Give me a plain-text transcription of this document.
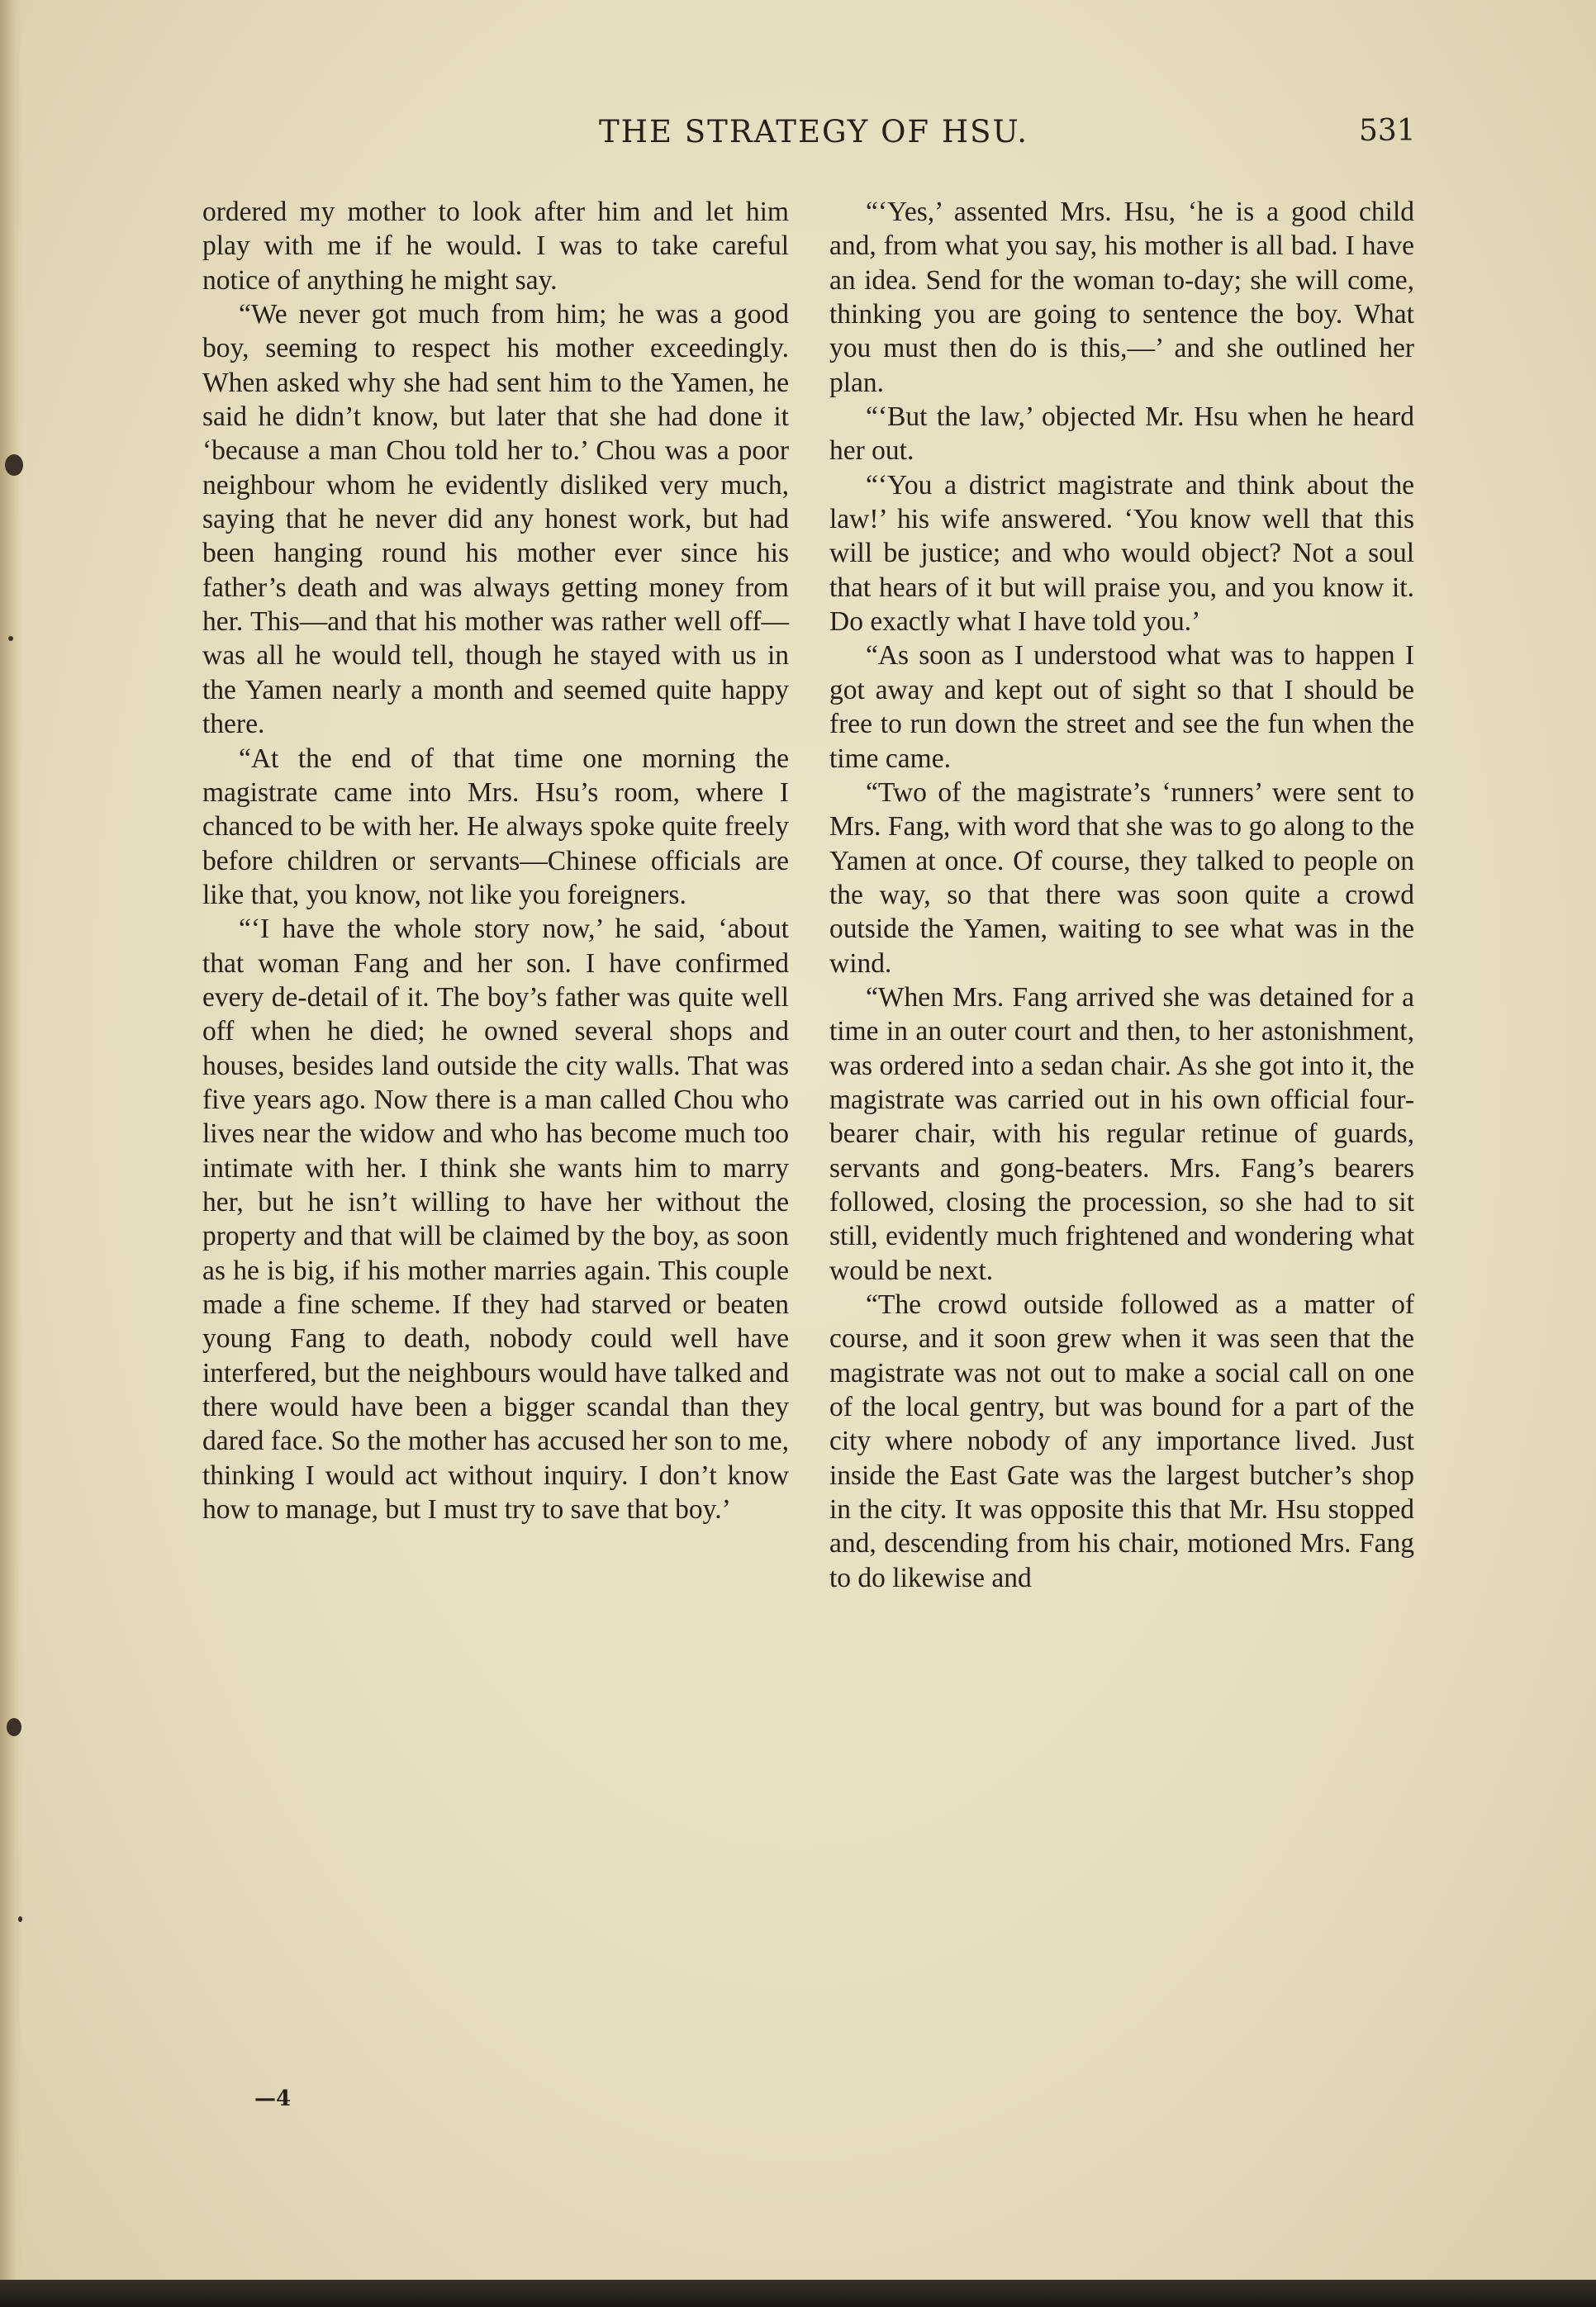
THE STRATEGY OF HSU.	531

ordered my mother to look after him and let him play with me if he would. I was to take careful notice of anything he might say.

“We never got much from him; he was a good boy, seeming to respect his mother exceedingly. When asked why she had sent him to the Yamen, he said he didn’t know, but later that she had done it ‘because a man Chou told her to.’ Chou was a poor neighbour whom he evidently disliked very much, saying that he never did any honest work, but had been hanging round his mother ever since his father’s death and was always getting money from her. This—and that his mother was rather well off—was all he would tell, though he stayed with us in the Yamen nearly a month and seemed quite happy there.

“At the end of that time one morning the magistrate came into Mrs. Hsu’s room, where I chanced to be with her. He always spoke quite freely before children or servants—Chinese officials are like that, you know, not like you foreigners.

“‘I have the whole story now,’ he said, ‘about that woman Fang and her son. I have confirmed every de-detail of it. The boy’s father was quite well off when he died; he owned several shops and houses, besides land outside the city walls. That was five years ago. Now there is a man called Chou who lives near the widow and who has become much too intimate with her. I think she wants him to marry her, but he isn’t willing to have her without the property and that will be claimed by the boy, as soon as he is big, if his mother marries again. This couple made a fine scheme. If they had starved or beaten young Fang to death, nobody could well have interfered, but the neighbours would have talked and there would have been a bigger scandal than they dared face. So the mother has accused her son to me, thinking I would act without inquiry. I don’t know how to manage, but I must try to save that boy.’

—4

“‘Yes,’ assented Mrs. Hsu, ‘he is a good child and, from what you say, his mother is all bad. I have an idea. Send for the woman to-day; she will come, thinking you are going to sentence the boy. What you must then do is this,—’ and she outlined her plan.

“‘But the law,’ objected Mr. Hsu when he heard her out.

“‘You a district magistrate and think about the law!’ his wife answered. ‘You know well that this will be justice; and who would object? Not a soul that hears of it but will praise you, and you know it. Do exactly what I have told you.’

“As soon as I understood what was to happen I got away and kept out of sight so that I should be free to run down the street and see the fun when the time came.

“Two of the magistrate’s ‘runners’ were sent to Mrs. Fang, with word that she was to go along to the Yamen at once. Of course, they talked to people on the way, so that there was soon quite a crowd outside the Yamen, waiting to see what was in the wind.

“When Mrs. Fang arrived she was detained for a time in an outer court and then, to her astonishment, was ordered into a sedan chair. As she got into it, the magistrate was carried out in his own official four-bearer chair, with his regular retinue of guards, servants and gong-beaters. Mrs. Fang’s bearers followed, closing the procession, so she had to sit still, evidently much frightened and wondering what would be next.

“The crowd outside followed as a matter of course, and it soon grew when it was seen that the magistrate was not out to make a social call on one of the local gentry, but was bound for a part of the city where nobody of any importance lived. Just inside the East Gate was the largest butcher’s shop in the city. It was opposite this that Mr. Hsu stopped and, descending from his chair, motioned Mrs. Fang to do likewise and
